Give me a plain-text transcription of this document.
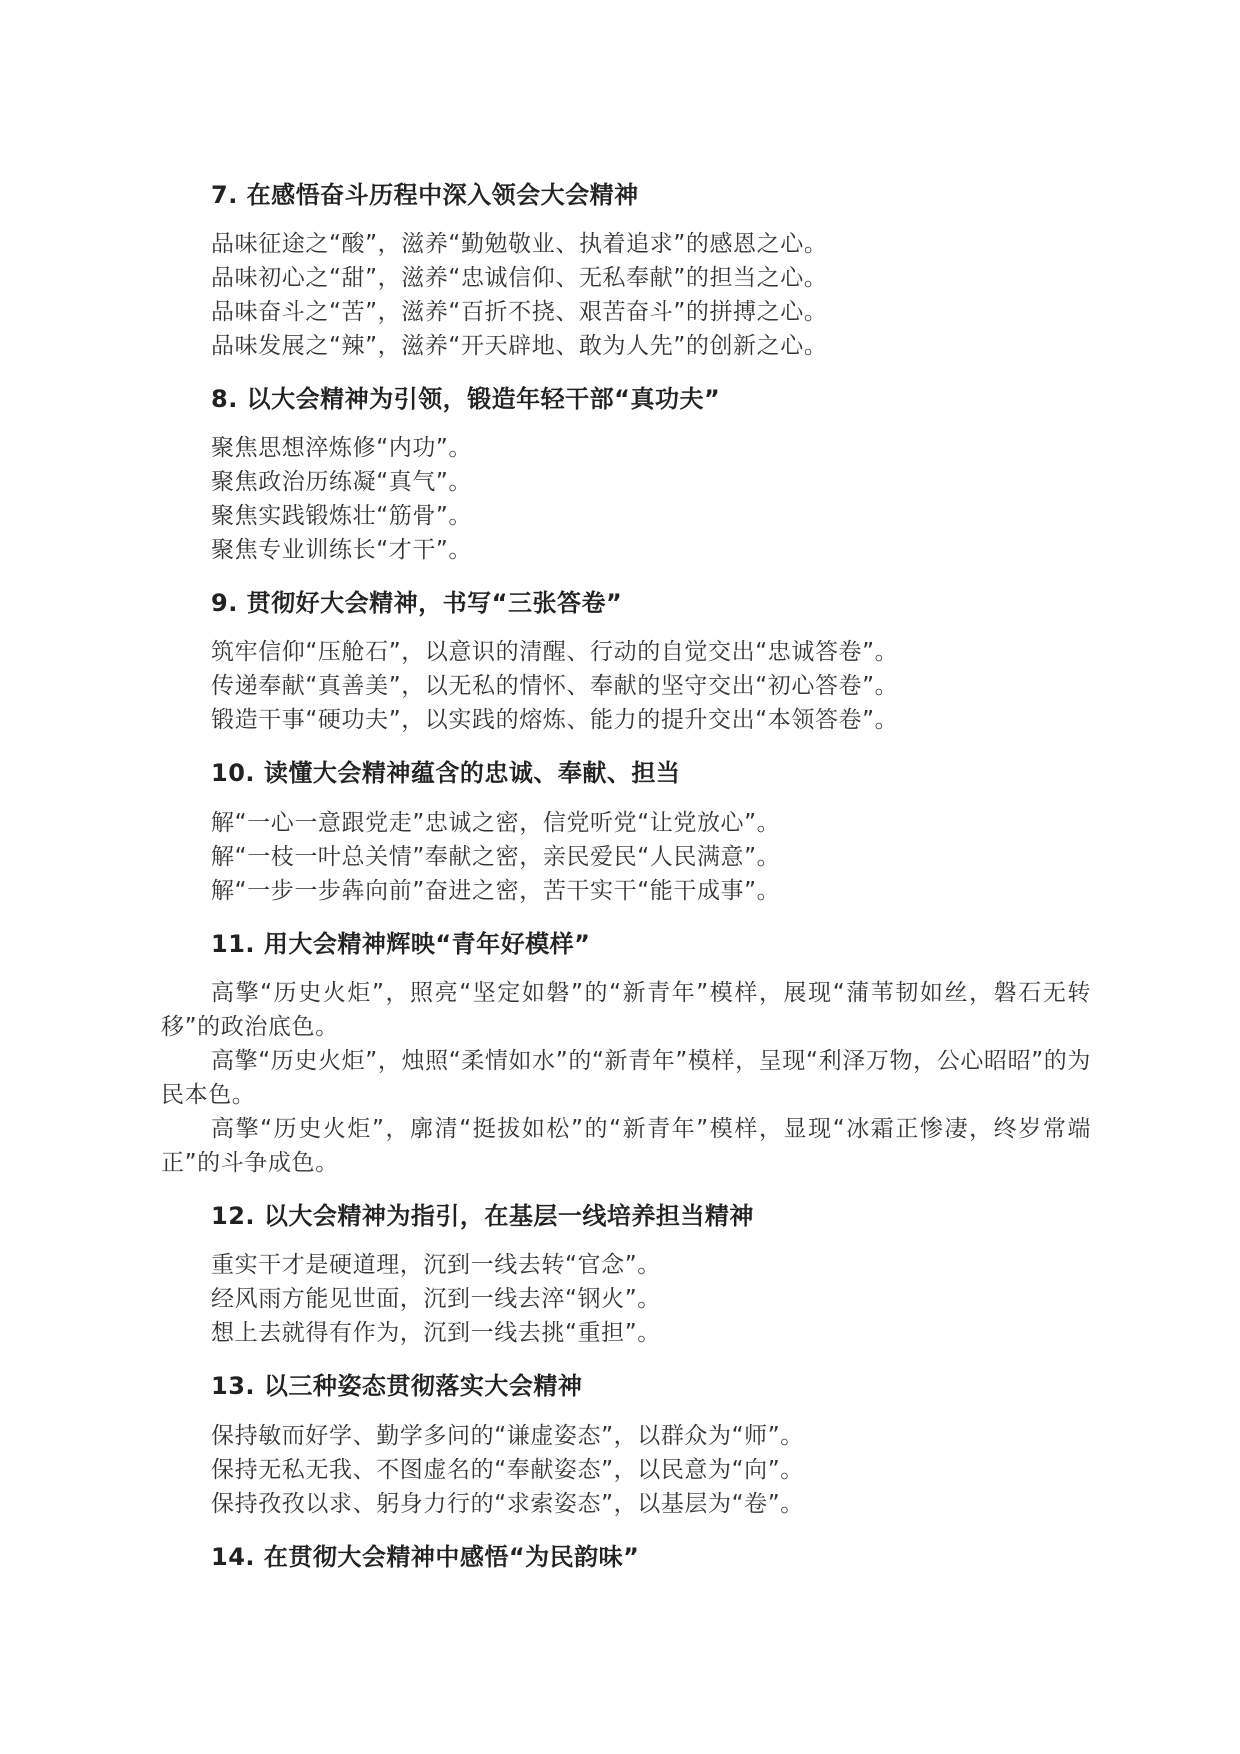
7. 在感悟奋斗历程中深入领会大会精神
品味征途之“酸”，滋养“勤勉敬业、执着追求”的感恩之心。
品味初心之“甜”，滋养“忠诚信仰、无私奉献”的担当之心。
品味奋斗之“苦”，滋养“百折不挠、艰苦奋斗”的拼搏之心。
品味发展之“辣”，滋养“开天辟地、敢为人先”的创新之心。
8. 以大会精神为引领，锻造年轻干部“真功夫”
聚焦思想淬炼修“内功”。
聚焦政治历练凝“真气”。
聚焦实践锻炼壮“筋骨”。
聚焦专业训练长“才干”。
9. 贯彻好大会精神，书写“三张答卷”
筑牢信仰“压舱石”，以意识的清醒、行动的自觉交出“忠诚答卷”。
传递奉献“真善美”，以无私的情怀、奉献的坚守交出“初心答卷”。
锻造干事“硬功夫”，以实践的熔炼、能力的提升交出“本领答卷”。
10. 读懂大会精神蕴含的忠诚、奉献、担当
解“一心一意跟党走”忠诚之密，信党听党“让党放心”。
解“一枝一叶总关情”奉献之密，亲民爱民“人民满意”。
解“一步一步犇向前”奋进之密，苦干实干“能干成事”。
11. 用大会精神辉映“青年好模样”
高擎“历史火炬”，照亮“坚定如磐”的“新青年”模样，展现“蒲苇韧如丝，磐石无转移”的政治底色。
高擎“历史火炬”，烛照“柔情如水”的“新青年”模样，呈现“利泽万物，公心昭昭”的为民本色。
高擎“历史火炬”，廓清“挺拔如松”的“新青年”模样，显现“冰霜正惨凄，终岁常端正”的斗争成色。
12. 以大会精神为指引，在基层一线培养担当精神
重实干才是硬道理，沉到一线去转“官念”。
经风雨方能见世面，沉到一线去淬“钢火”。
想上去就得有作为，沉到一线去挑“重担”。
13. 以三种姿态贯彻落实大会精神
保持敏而好学、勤学多问的“谦虚姿态”，以群众为“师”。
保持无私无我、不图虚名的“奉献姿态”，以民意为“向”。
保持孜孜以求、躬身力行的“求索姿态”，以基层为“卷”。
14. 在贯彻大会精神中感悟“为民韵味”
